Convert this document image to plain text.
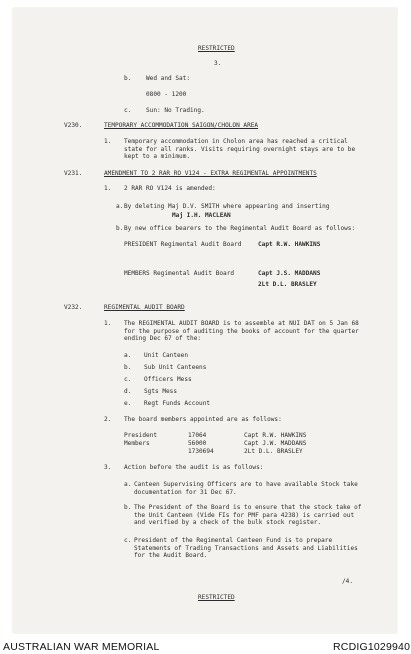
RESTRICTED
3.
b. Wed and Sat:
0800 - 1200
c. Sun: No Trading.
V230.	TEMPORARY ACCOMMODATION SAIGON/CHOLON AREA
1. Temporary accommodation in Cholon area has reached a critical state for all ranks. Visits requiring overnight stays are to be kept to a minimum.
V231.	AMENDMENT TO 2 RAR RO V124 - EXTRA REGIMENTAL APPOINTMENTS
1. 2 RAR RO V124 is amended:
a. By deleting Maj D.V. SMITH where appearing and inserting
Maj I.H. MACLEAN
b. By new office bearers to the Regimental Audit Board as follows:
PRESIDENT Regimental Audit Board	Capt R.W. HAWKINS
MEMBERS Regimental Audit Board	Capt J.S. MADDANS
2Lt D.L. BRASLEY
V232.	REGIMENTAL AUDIT BOARD
1. The REGIMENTAL AUDIT BOARD is to assemble at NUI DAT on 5 Jan 68 for the purpose of auditing the books of account for the quarter ending Dec 67 of the:
a. Unit Canteen
b. Sub Unit Canteens
c. Officers Mess
d. Sgts Mess
e. Regt Funds Account
2. The board members appointed are as follows:
President	17064	Capt R.W. HAWKINS
Members	56000	Capt J.W. MADDANS
1730694	2Lt D.L. BRASLEY
3. Action before the audit is as follows:
a. Canteen Supervising Officers are to have available Stock take documentation for 31 Dec 67.
b. The President of the Board is to ensure that the stock take of the Unit Canteen (Vide FIs for PMF para 4238) is carried out and verified by a check of the bulk stock register.
c. President of the Regimental Canteen Fund is to prepare Statements of Trading Transactions and Assets and Liabilities for the Audit Board.
/4.
RESTRICTED
AUSTRALIAN WAR MEMORIAL	RCDIG1029940
